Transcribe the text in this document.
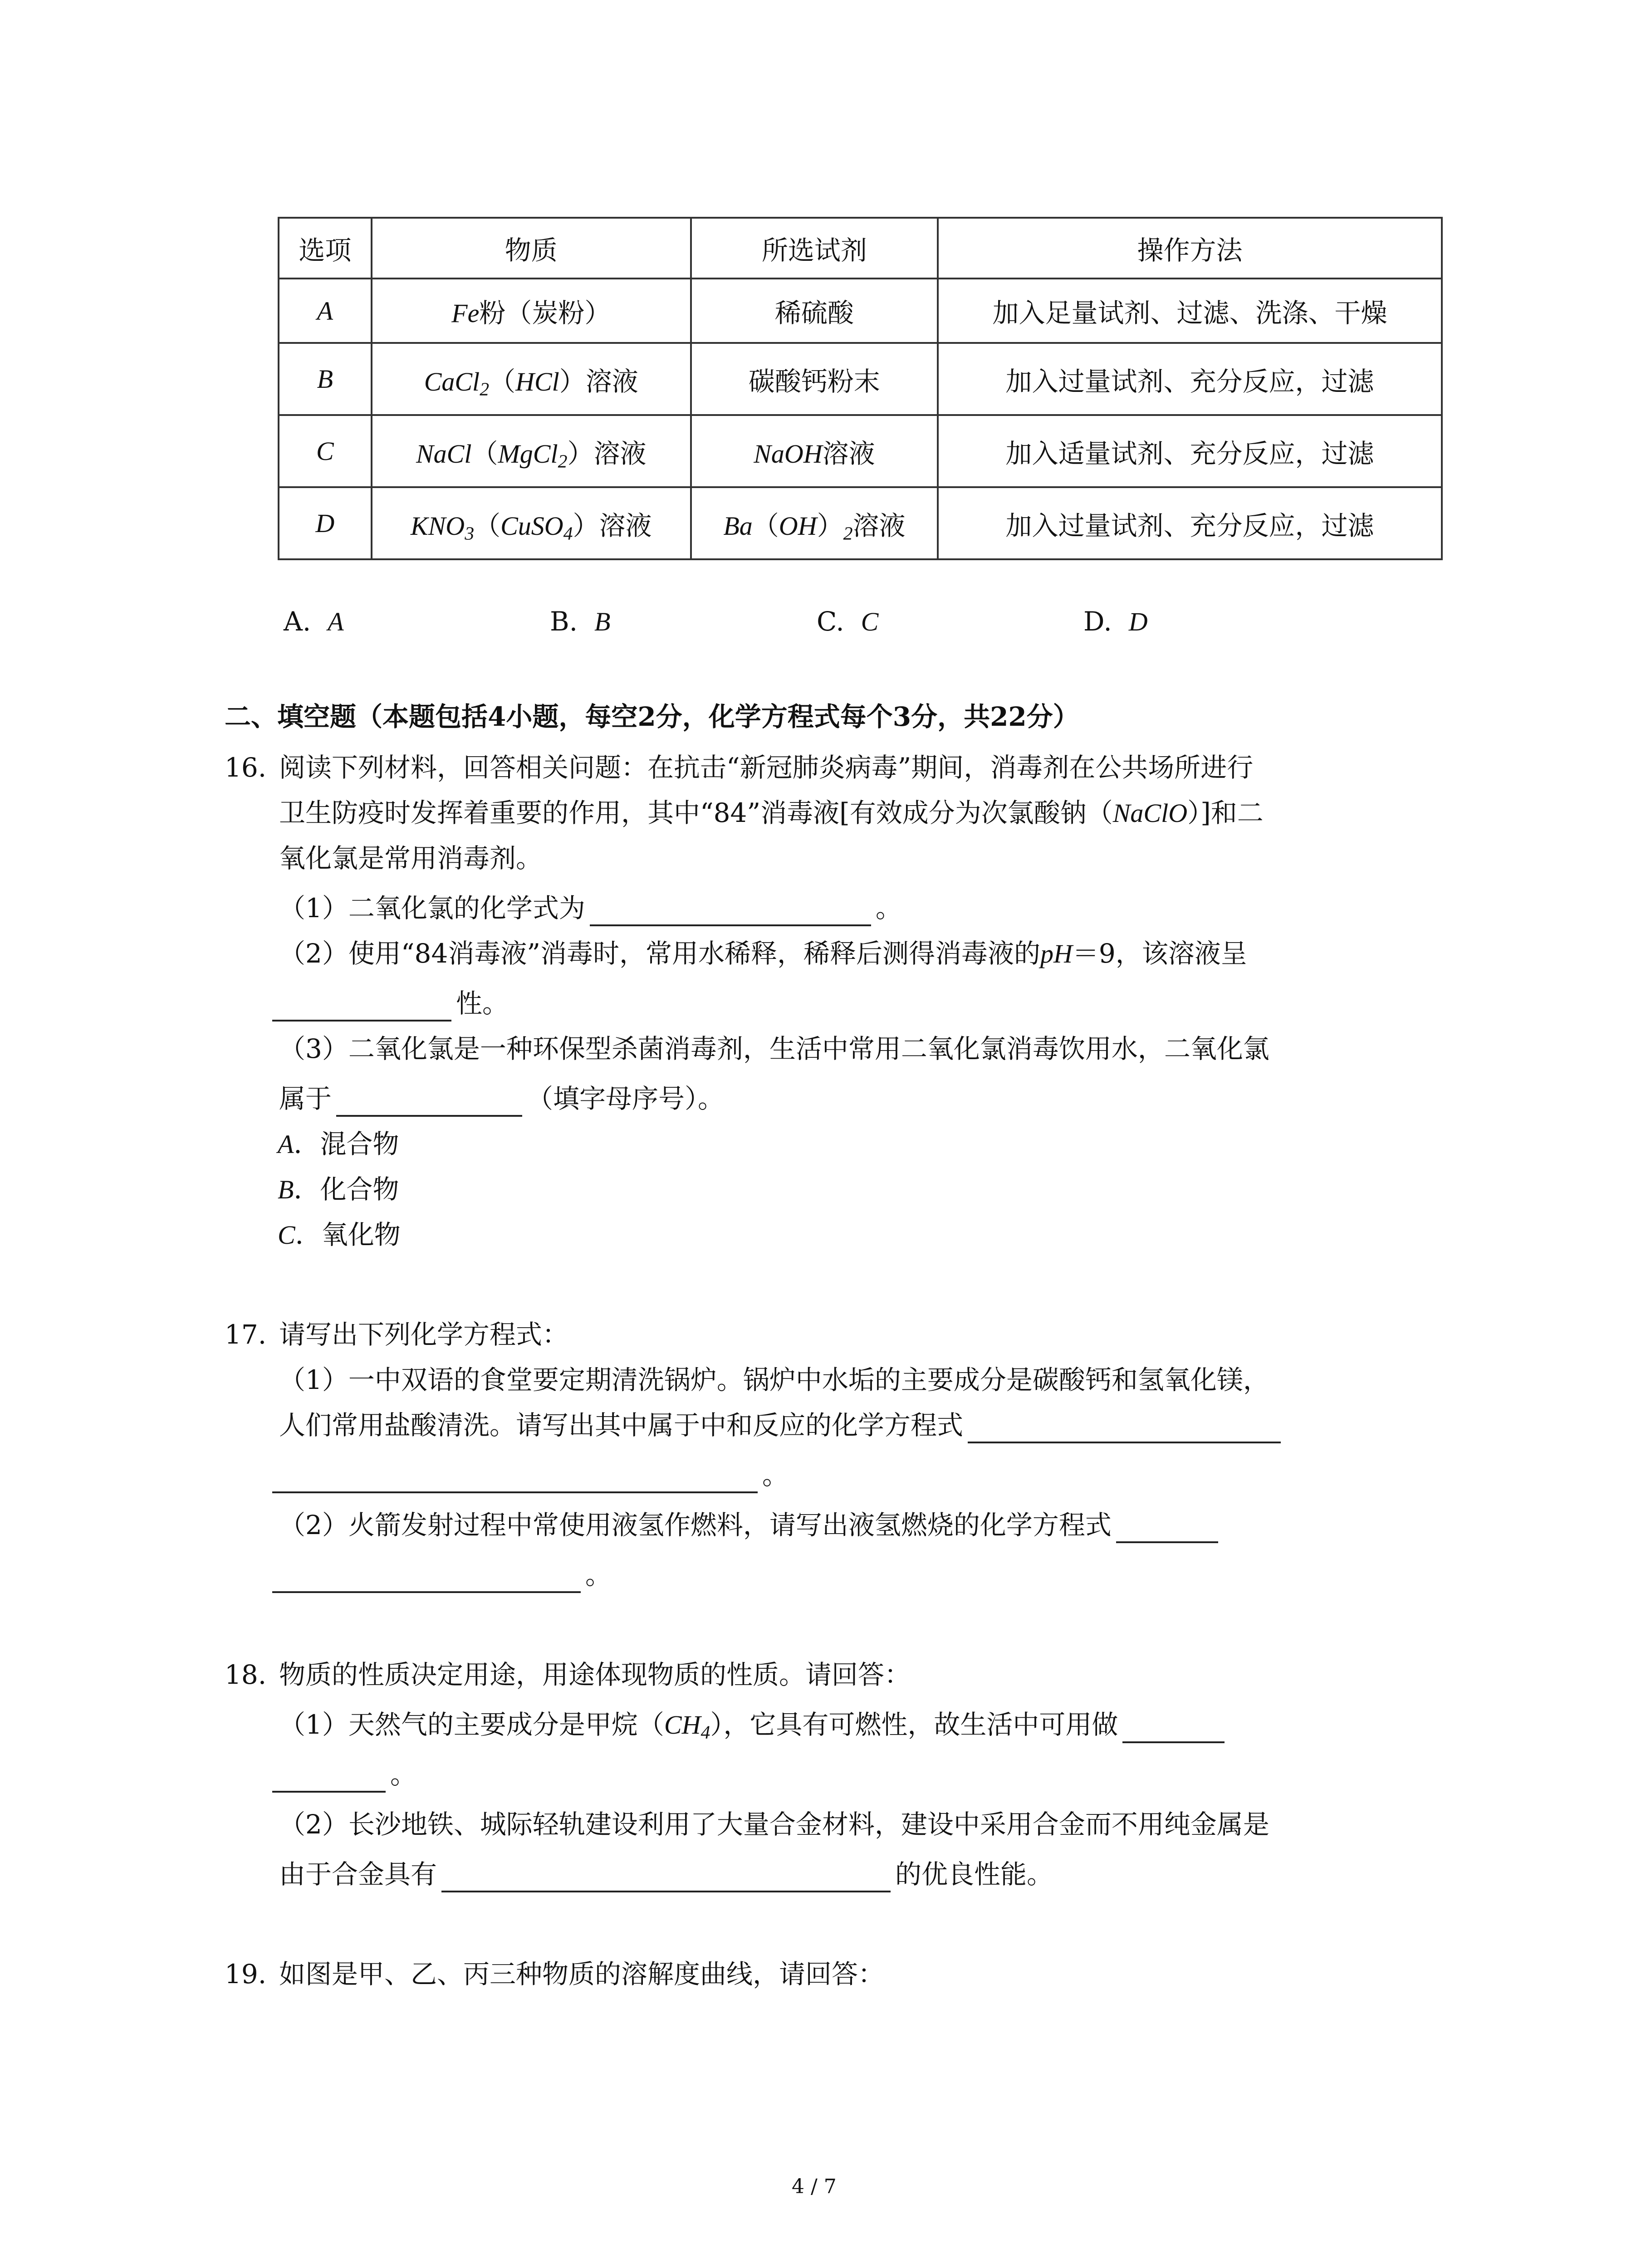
选项	物质	所选试剂	操作方法
A	Fe粉（炭粉）	稀硫酸	加入足量试剂、过滤、洗涤、干燥
B	CaCl$_2$（HCl）溶液	碳酸钙粉末	加入过量试剂、充分反应，过滤
C	NaCl（MgCl$_2$）溶液	NaOH溶液	加入适量试剂、充分反应，过滤
D	$KNO_3(CuSO_4)$溶液	$Ba(OH)_2$溶液	加入过量试剂、充分反应，过滤
A. A	B. B	C. C	D. D
二、填空题（本题包括4小题，每空2分，化学方程式每个3分，共22分）
16. 阅读下列材料，回答相关问题：在抗击“新冠肺炎病毒”期间，消毒剂在公共场所进行
卫生防疫时发挥着重要的作用，其中“84”消毒液[有效成分为次氯酸钠（NaClO）]和二
氧化氯是常用消毒剂。
（1）二氧化氯的化学式为	。
（2）使用“84消毒液”消毒时，常用水稀释，稀释后测得消毒液的pH＝9，该溶液呈
性。
（3）二氧化氯是一种环保型杀菌消毒剂，生活中常用二氧化氯消毒饮用水，二氧化氯
属于	（填字母序号）。
A．混合物
B．化合物
C．氧化物
17. 请写出下列化学方程式：
（1）一中双语的食堂要定期清洗锅炉。锅炉中水垢的主要成分是碳酸钙和氢氧化镁，
人们常用盐酸清洗。请写出其中属于中和反应的化学方程式
。
（2）火箭发射过程中常使用液氢作燃料，请写出液氢燃烧的化学方程式
。
18. 物质的性质决定用途，用途体现物质的性质。请回答：
（1）天然气的主要成分是甲烷$(CH_4)$，它具有可燃性，故生活中可用做
。
（2）长沙地铁、城际轻轨建设利用了大量合金材料，建设中采用合金而不用纯金属是
由于合金具有	的优良性能。
19. 如图是甲、乙、丙三种物质的溶解度曲线，请回答：
4 / 7
